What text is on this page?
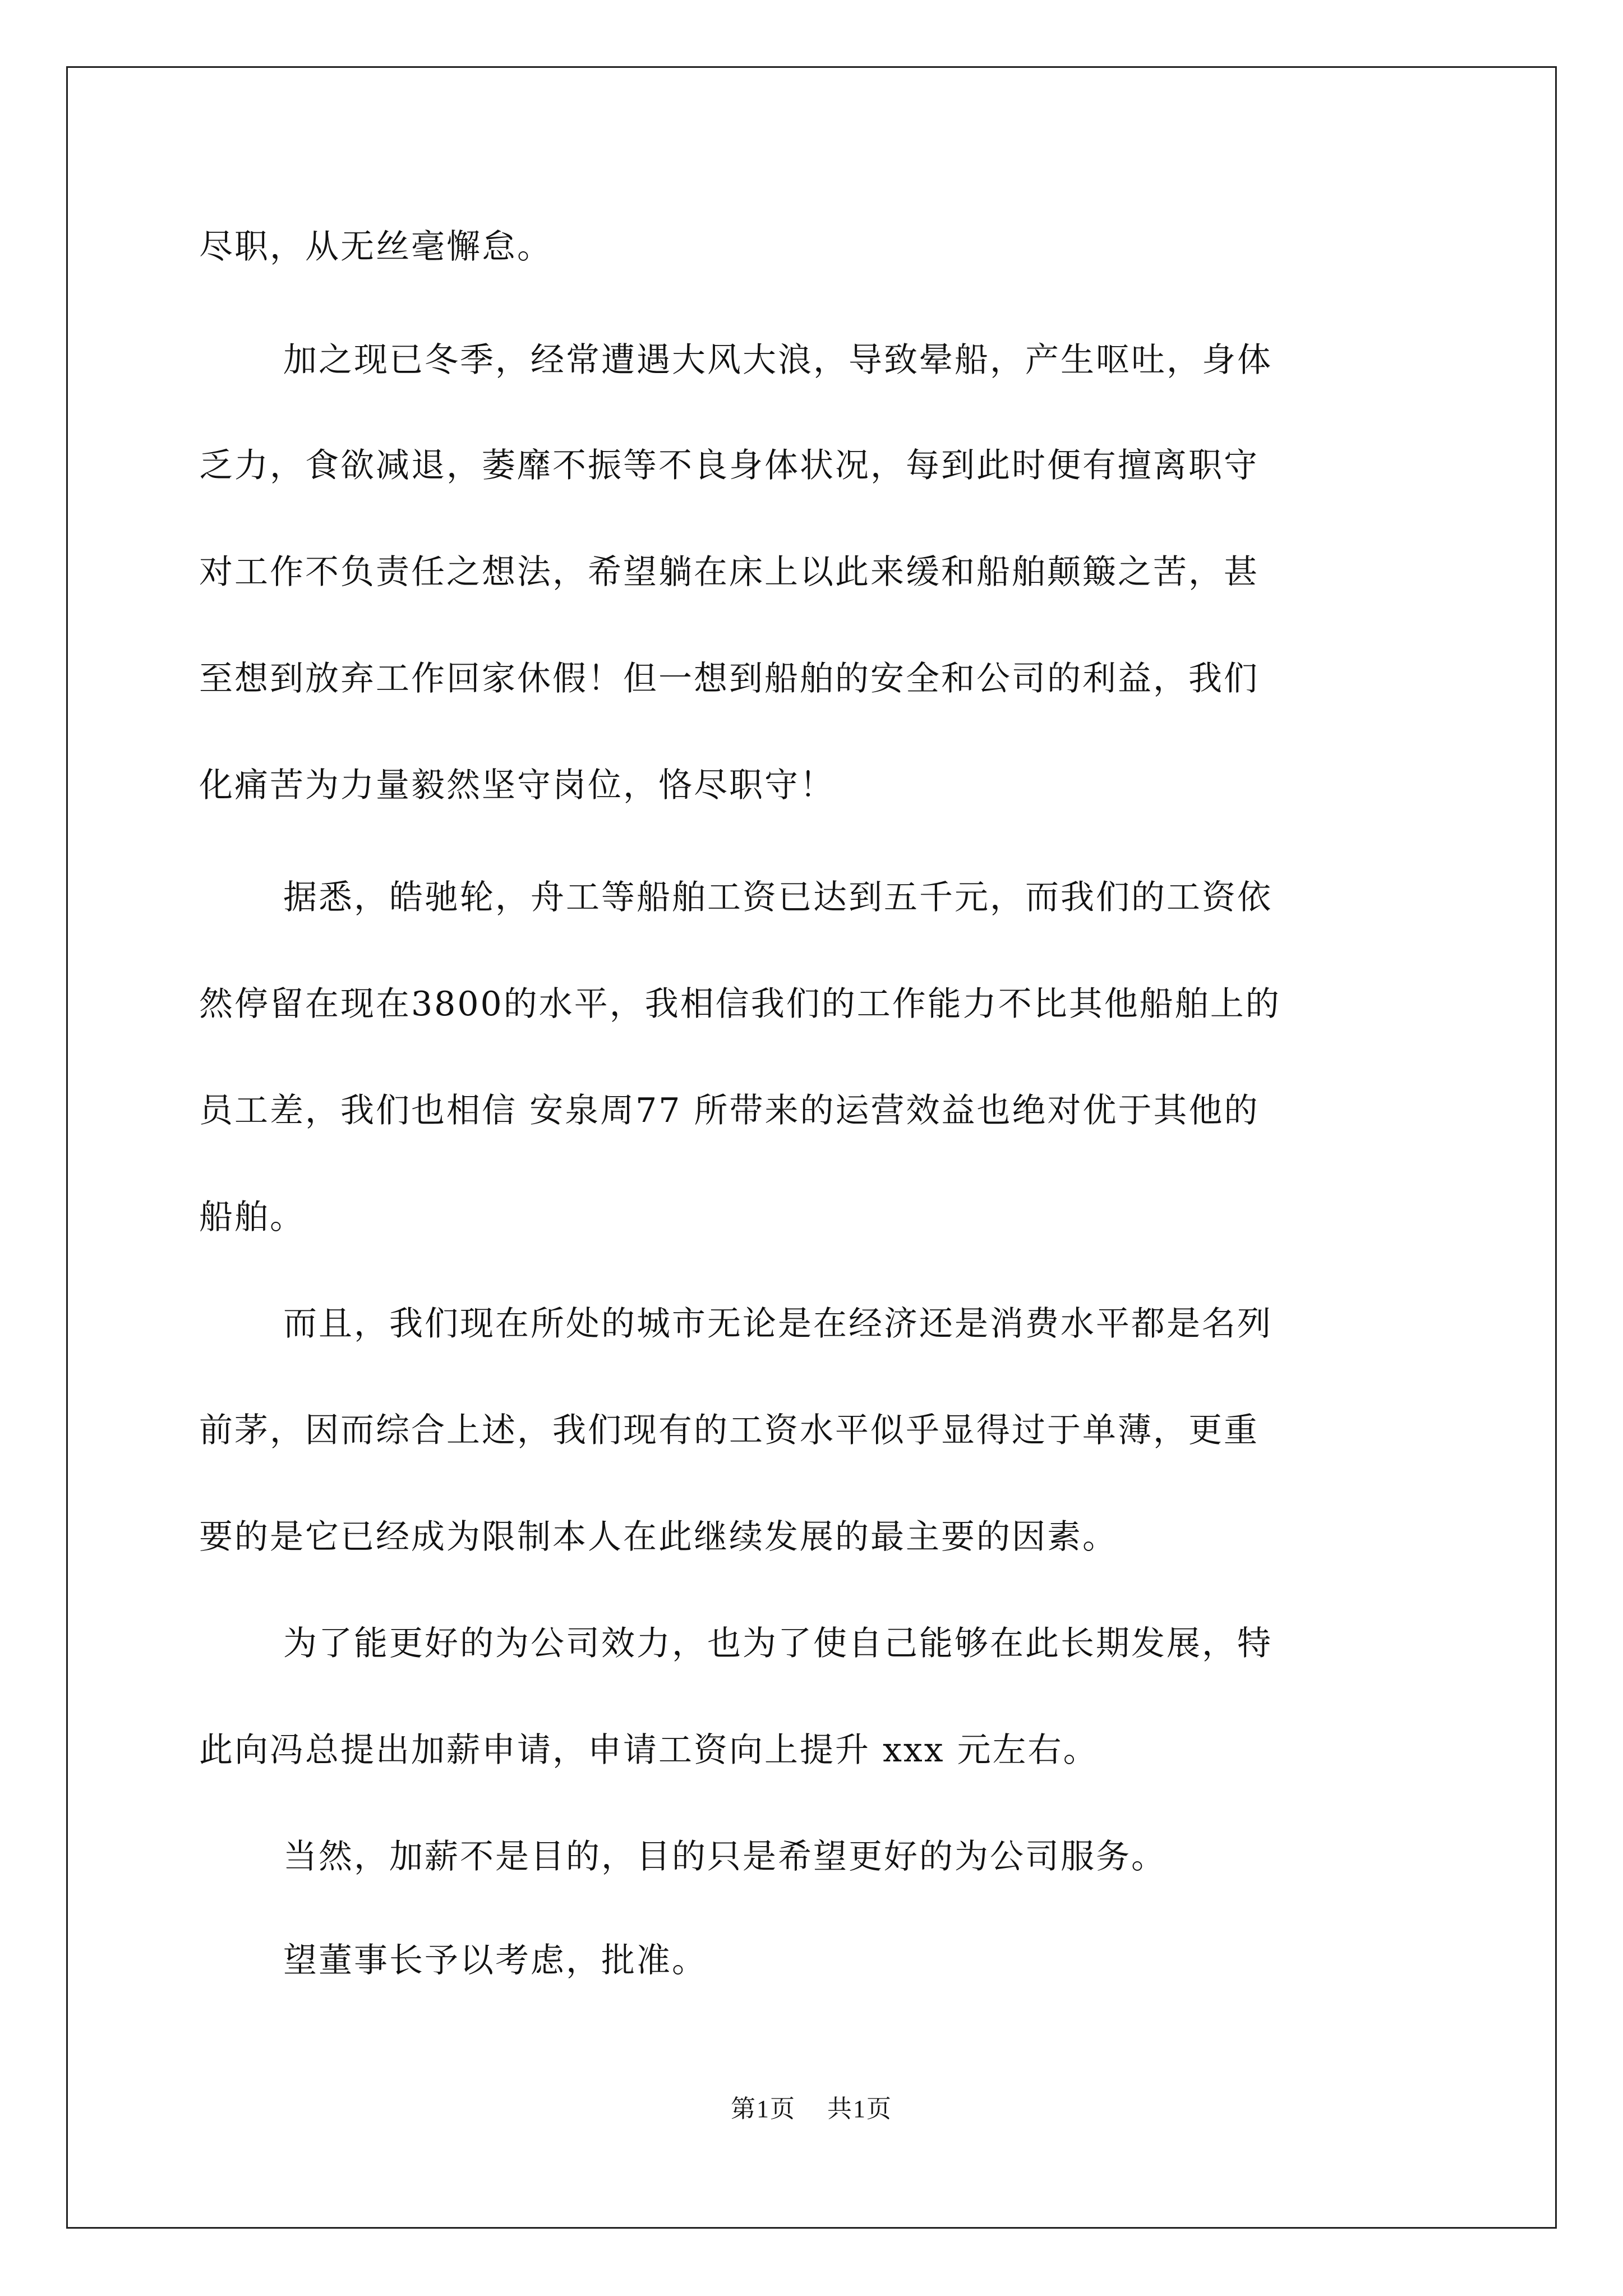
尽职，从无丝毫懈怠。

加之现已冬季，经常遭遇大风大浪，导致晕船，产生呕吐，身体

乏力，食欲减退，萎靡不振等不良身体状况，每到此时便有擅离职守

对工作不负责任之想法，希望躺在床上以此来缓和船舶颠簸之苦，甚

至想到放弃工作回家休假！但一想到船舶的安全和公司的利益，我们

化痛苦为力量毅然坚守岗位，恪尽职守！

据悉，皓驰轮，舟工等船舶工资已达到五千元，而我们的工资依

然停留在现在3800的水平，我相信我们的工作能力不比其他船舶上的

员工差，我们也相信 安泉周77 所带来的运营效益也绝对优于其他的

船舶。

而且，我们现在所处的城市无论是在经济还是消费水平都是名列

前茅，因而综合上述，我们现有的工资水平似乎显得过于单薄，更重

要的是它已经成为限制本人在此继续发展的最主要的因素。

为了能更好的为公司效力，也为了使自己能够在此长期发展，特

此向冯总提出加薪申请，申请工资向上提升 xxx 元左右。

当然，加薪不是目的，目的只是希望更好的为公司服务。

望董事长予以考虑，批准。

第1页 共1页
